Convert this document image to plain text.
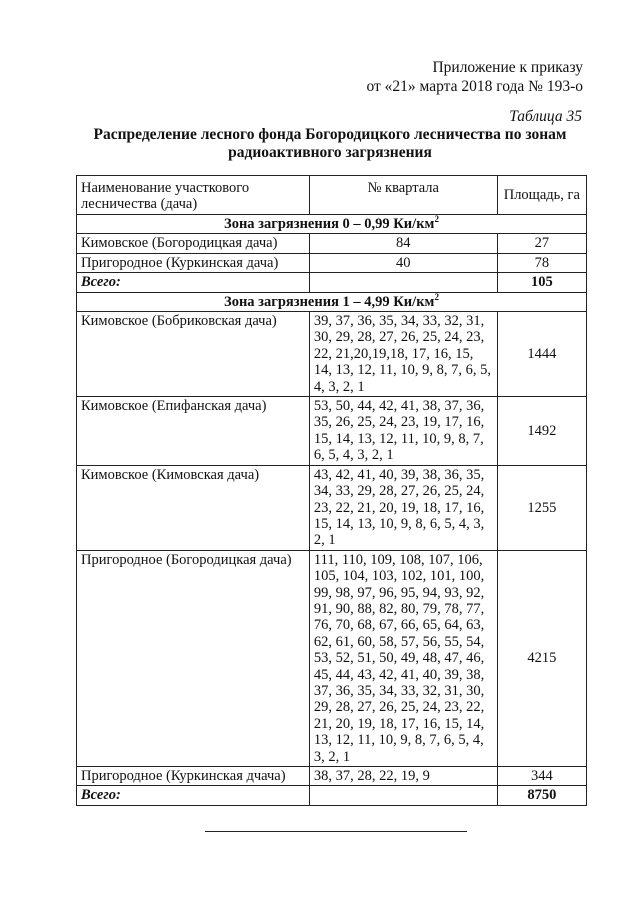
Приложение к приказу
от «21» марта 2018 года № 193-о
Таблица 35
Распределение лесного фонда Богородицкого лесничества по зонам
радиоактивного загрязнения
Наименование участкового лесничества (дача)	№ квартала	Площадь, га
Зона загрязнения 0 – 0,99 $Ки/км^2$
Кимовское (Богородицкая дача)	84	27
Пригородное (Куркинская дача)	40	78
Всего:		105
Зона загрязнения 1 – 4,99 $Ки/км^2$
Кимовское (Бобриковская дача)	39, 37, 36, 35, 34, 33, 32, 31, 30, 29, 28, 27, 26, 25, 24, 23, 22, 21,20,19,18, 17, 16, 15, 14, 13, 12, 11, 10, 9, 8, 7, 6, 5, 4, 3, 2, 1	1444
Кимовское (Епифанская дача)	53, 50, 44, 42, 41, 38, 37, 36, 35, 26, 25, 24, 23, 19, 17, 16, 15, 14, 13, 12, 11, 10, 9, 8, 7, 6, 5, 4, 3, 2, 1	1492
Кимовское (Кимовская дача)	43, 42, 41, 40, 39, 38, 36, 35, 34, 33, 29, 28, 27, 26, 25, 24, 23, 22, 21, 20, 19, 18, 17, 16, 15, 14, 13, 10, 9, 8, 6, 5, 4, 3, 2, 1	1255
Пригородное (Богородицкая дача)	111, 110, 109, 108, 107, 106, 105, 104, 103, 102, 101, 100, 99, 98, 97, 96, 95, 94, 93, 92, 91, 90, 88, 82, 80, 79, 78, 77, 76, 70, 68, 67, 66, 65, 64, 63, 62, 61, 60, 58, 57, 56, 55, 54, 53, 52, 51, 50, 49, 48, 47, 46, 45, 44, 43, 42, 41, 40, 39, 38, 37, 36, 35, 34, 33, 32, 31, 30, 29, 28, 27, 26, 25, 24, 23, 22, 21, 20, 19, 18, 17, 16, 15, 14, 13, 12, 11, 10, 9, 8, 7, 6, 5, 4, 3, 2, 1	4215
Пригородное (Куркинская дчача)	38, 37, 28, 22, 19, 9	344
Всего:		8750
